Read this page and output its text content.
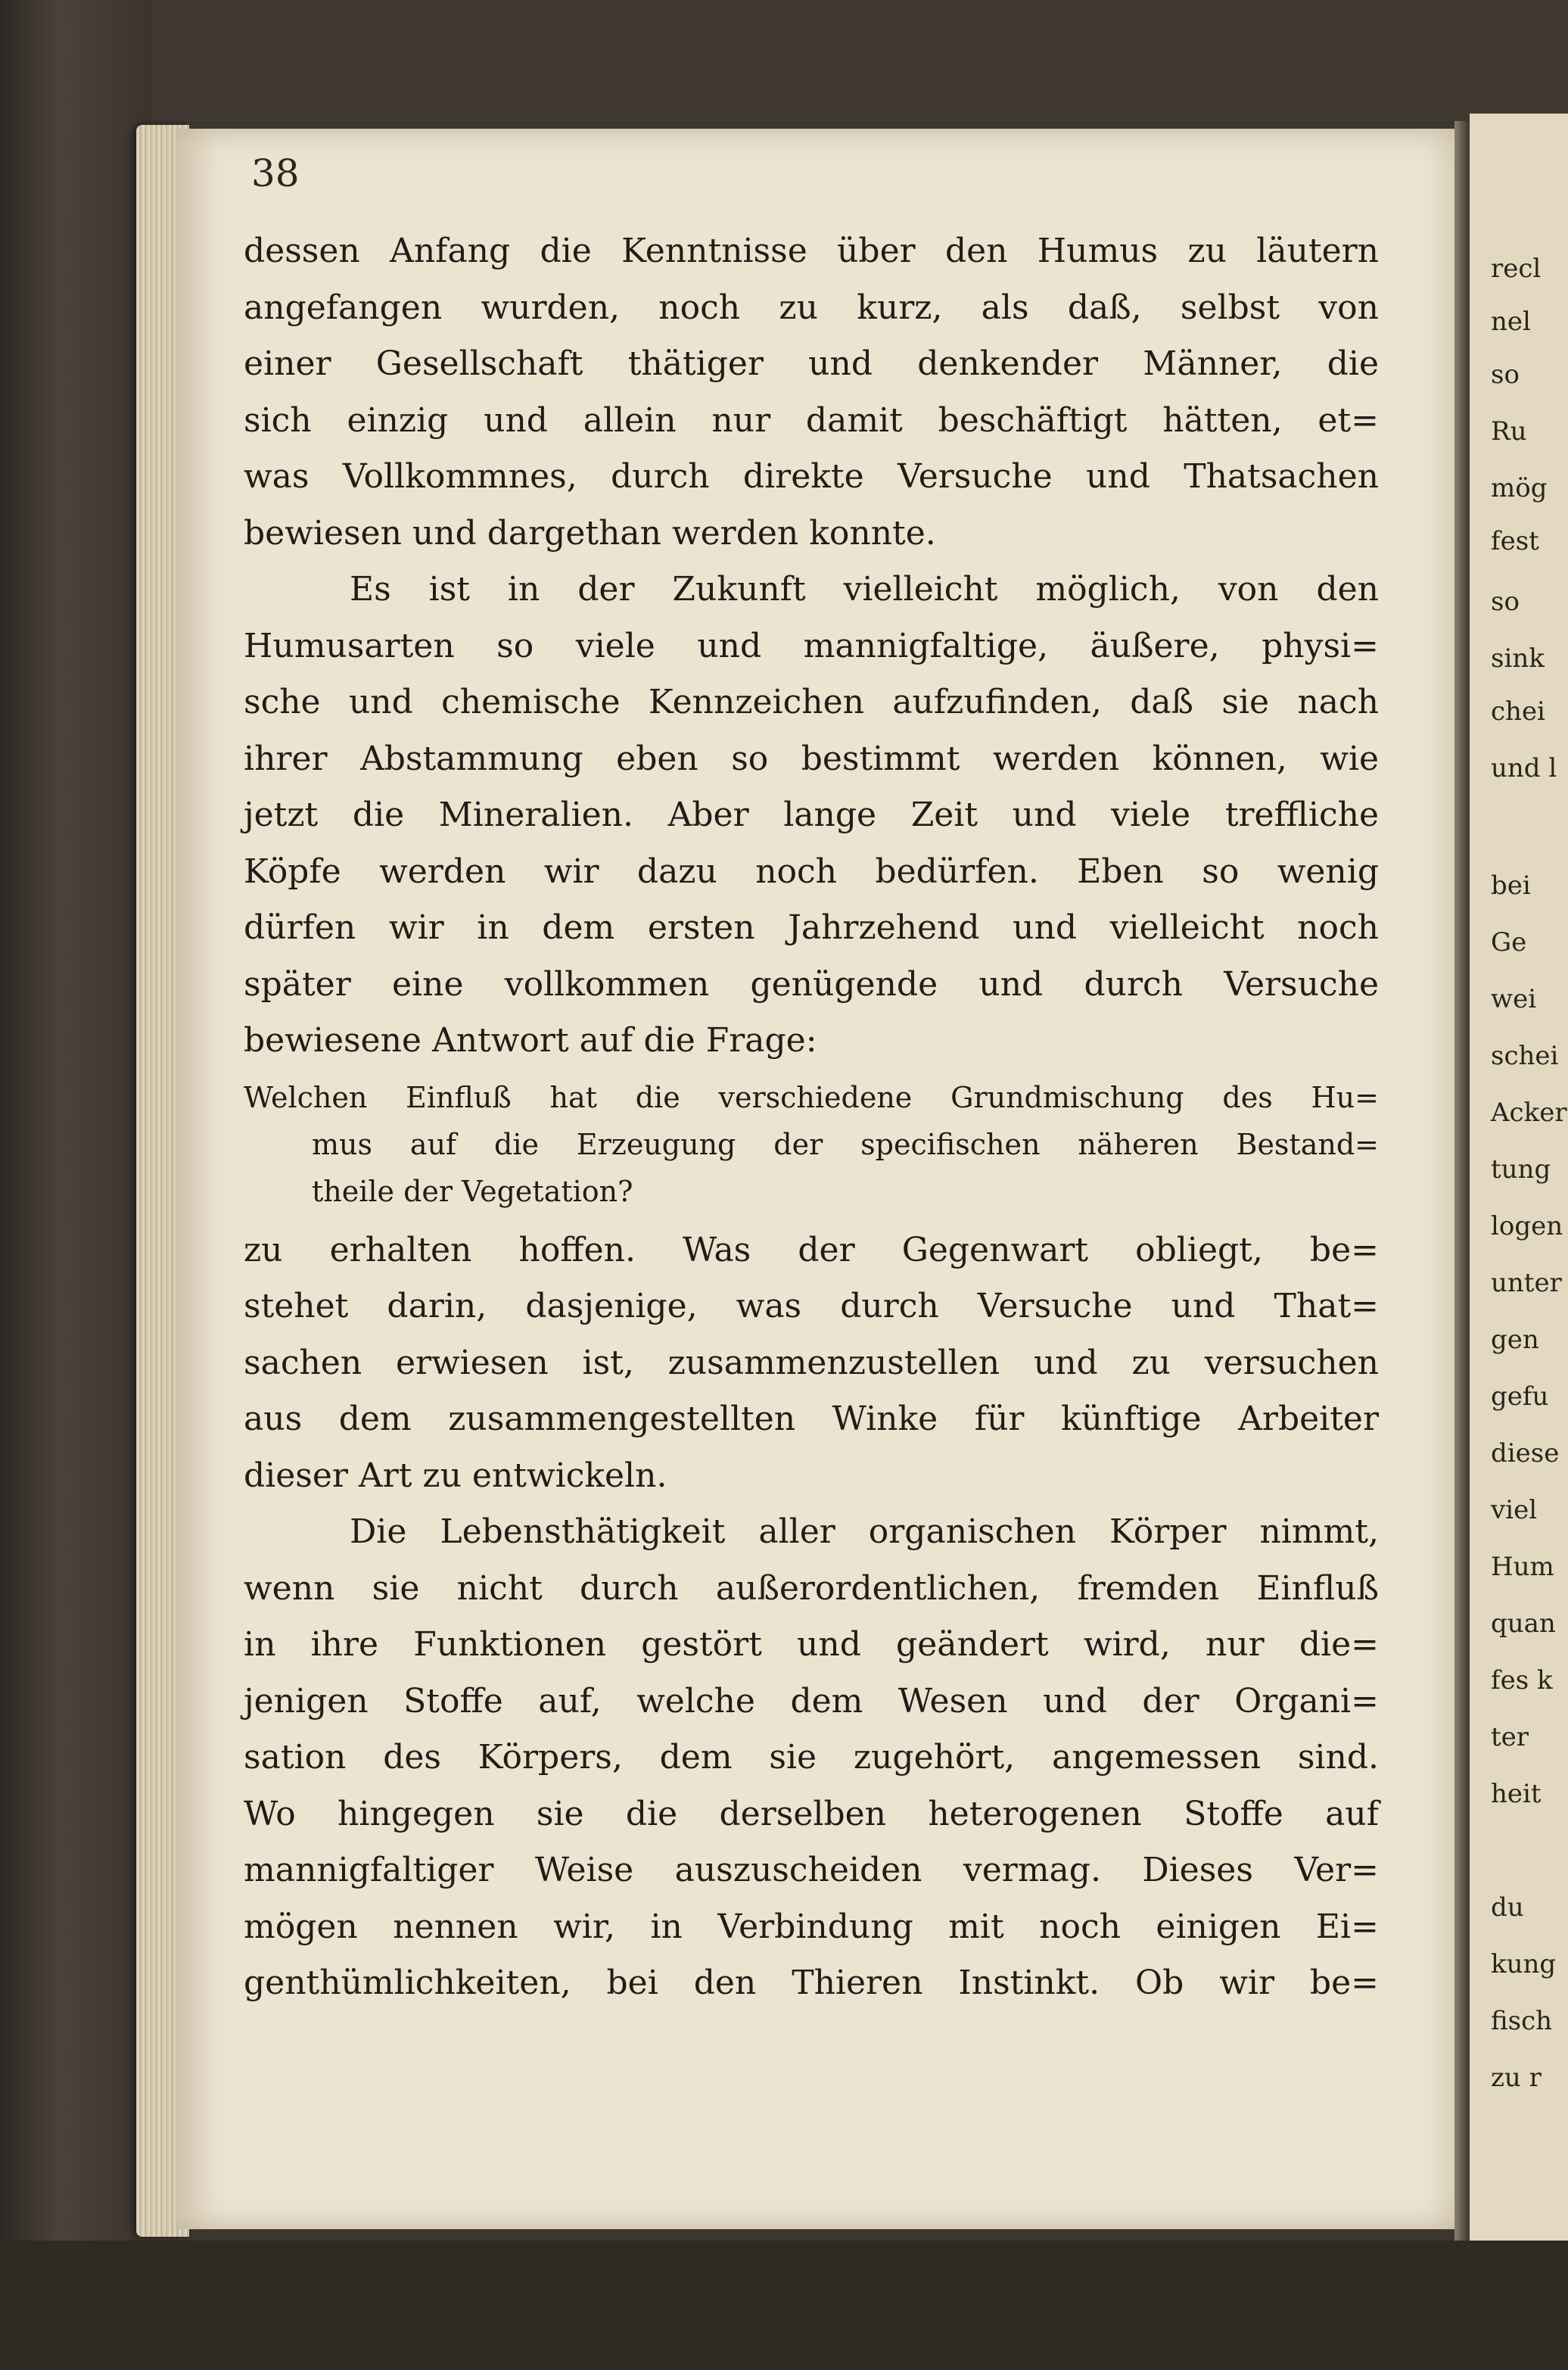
38
dessen Anfang die Kenntnisse über den Humus zu läutern
angefangen wurden, noch zu kurz, als daß, selbst von
einer Gesellschaft thätiger und denkender Männer, die
sich einzig und allein nur damit beschäftigt hätten, et=
was Vollkommnes, durch direkte Versuche und Thatsachen
bewiesen und dargethan werden konnte.
Es ist in der Zukunft vielleicht möglich, von den
Humusarten so viele und mannigfaltige, äußere, physi=
sche und chemische Kennzeichen aufzufinden, daß sie nach
ihrer Abstammung eben so bestimmt werden können, wie
jetzt die Mineralien. Aber lange Zeit und viele treffliche
Köpfe werden wir dazu noch bedürfen. Eben so wenig
dürfen wir in dem ersten Jahrzehend und vielleicht noch
später eine vollkommen genügende und durch Versuche
bewiesene Antwort auf die Frage:
Welchen Einfluß hat die verschiedene Grundmischung des Hu=
mus auf die Erzeugung der specifischen näheren Bestand=
theile der Vegetation?
zu erhalten hoffen. Was der Gegenwart obliegt, be=
stehet darin, dasjenige, was durch Versuche und That=
sachen erwiesen ist, zusammenzustellen und zu versuchen
aus dem zusammengestellten Winke für künftige Arbeiter
dieser Art zu entwickeln.
Die Lebensthätigkeit aller organischen Körper nimmt,
wenn sie nicht durch außerordentlichen, fremden Einfluß
in ihre Funktionen gestört und geändert wird, nur die=
jenigen Stoffe auf, welche dem Wesen und der Organi=
sation des Körpers, dem sie zugehört, angemessen sind.
Wo hingegen sie die derselben heterogenen Stoffe auf
mannigfaltiger Weise auszuscheiden vermag. Dieses Ver=
mögen nennen wir, in Verbindung mit noch einigen Ei=
genthümlichkeiten, bei den Thieren Instinkt. Ob wir be=
recl
nel
so
Ru
mög
fest
so
sink
chei
und l
bei
Ge
wei
schei
Acker
tung
logen
unter
gen
gefu
diese
viel
Hum
quan
fes k
ter
heit
du
kung
fisch
zu r
